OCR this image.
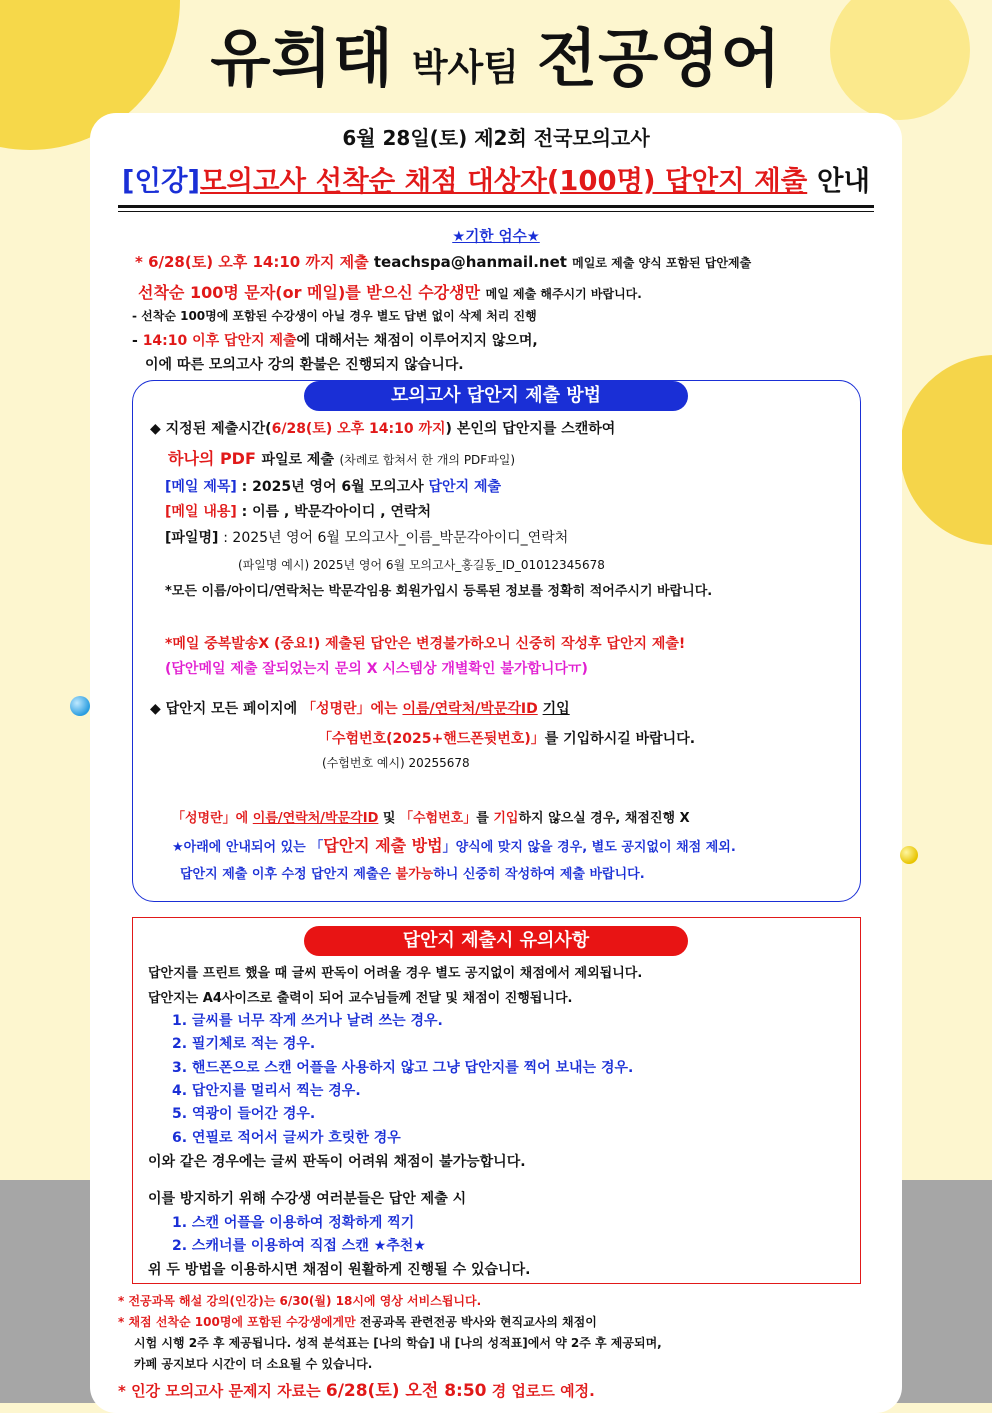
유희태 박사팀 전공영어
6월 28일(토) 제2회 전국모의고사
[인강]모의고사 선착순 채점 대상자(100명) 답안지 제출 안내
★기한 엄수★
* 6/28(토) 오후 14:10 까지 제출 teachspa@hanmail.net 메일로 제출 양식 포함된 답안제출
선착순 100명 문자(or 메일)를 받으신 수강생만 메일 제출 해주시기 바랍니다.
- 선착순 100명에 포함된 수강생이 아닐 경우 별도 답변 없이 삭제 처리 진행
- 14:10 이후 답안지 제출에 대해서는 채점이 이루어지지 않으며,
이에 따른 모의고사 강의 환불은 진행되지 않습니다.
모의고사 답안지 제출 방법
◆ 지정된 제출시간(6/28(토) 오후 14:10 까지) 본인의 답안지를 스캔하여
하나의 PDF 파일로 제출 (차례로 합쳐서 한 개의 PDF파일)
[메일 제목] : 2025년 영어 6월 모의고사 답안지 제출
[메일 내용] : 이름 , 박문각아이디 , 연락처
[파일명] : 2025년 영어 6월 모의고사_이름_박문각아이디_연락처
(파일명 예시) 2025년 영어 6월 모의고사_홍길동_ID_01012345678
*모든 이름/아이디/연락처는 박문각임용 회원가입시 등록된 정보를 정확히 적어주시기 바랍니다.
*메일 중복발송X (중요!) 제출된 답안은 변경불가하오니 신중히 작성후 답안지 제출!
(답안메일 제출 잘되었는지 문의 X 시스템상 개별확인 불가합니다ㅠ)
◆ 답안지 모든 페이지에 「성명란」에는 이름/연락처/박문각ID 기입
「수험번호(2025+핸드폰뒷번호)」를 기입하시길 바랍니다.
(수험번호 예시) 20255678
「성명란」에 이름/연락처/박문각ID 및 「수험번호」를 기입하지 않으실 경우, 채점진행 X
★아래에 안내되어 있는 「답안지 제출 방법」양식에 맞지 않을 경우, 별도 공지없이 채점 제외.
답안지 제출 이후 수정 답안지 제출은 불가능하니 신중히 작성하여 제출 바랍니다.
답안지 제출시 유의사항
답안지를 프린트 했을 때 글씨 판독이 어려울 경우 별도 공지없이 채점에서 제외됩니다.
답안지는 A4사이즈로 출력이 되어 교수님들께 전달 및 채점이 진행됩니다.
1. 글씨를 너무 작게 쓰거나 날려 쓰는 경우.
2. 필기체로 적는 경우.
3. 핸드폰으로 스캔 어플을 사용하지 않고 그냥 답안지를 찍어 보내는 경우.
4. 답안지를 멀리서 찍는 경우.
5. 역광이 들어간 경우.
6. 연필로 적어서 글씨가 흐릿한 경우
이와 같은 경우에는 글씨 판독이 어려워 채점이 불가능합니다.
이를 방지하기 위해 수강생 여러분들은 답안 제출 시
1. 스캔 어플을 이용하여 정확하게 찍기
2. 스캐너를 이용하여 직접 스캔 ★추천★
위 두 방법을 이용하시면 채점이 원활하게 진행될 수 있습니다.
* 전공과목 해설 강의(인강)는 6/30(월) 18시에 영상 서비스됩니다.
* 채점 선착순 100명에 포함된 수강생에게만 전공과목 관련전공 박사와 현직교사의 채점이
시험 시행 2주 후 제공됩니다. 성적 분석표는 [나의 학습] 내 [나의 성적표]에서 약 2주 후 제공되며,
카페 공지보다 시간이 더 소요될 수 있습니다.
* 인강 모의고사 문제지 자료는 6/28(토) 오전 8:50 경 업로드 예정.
